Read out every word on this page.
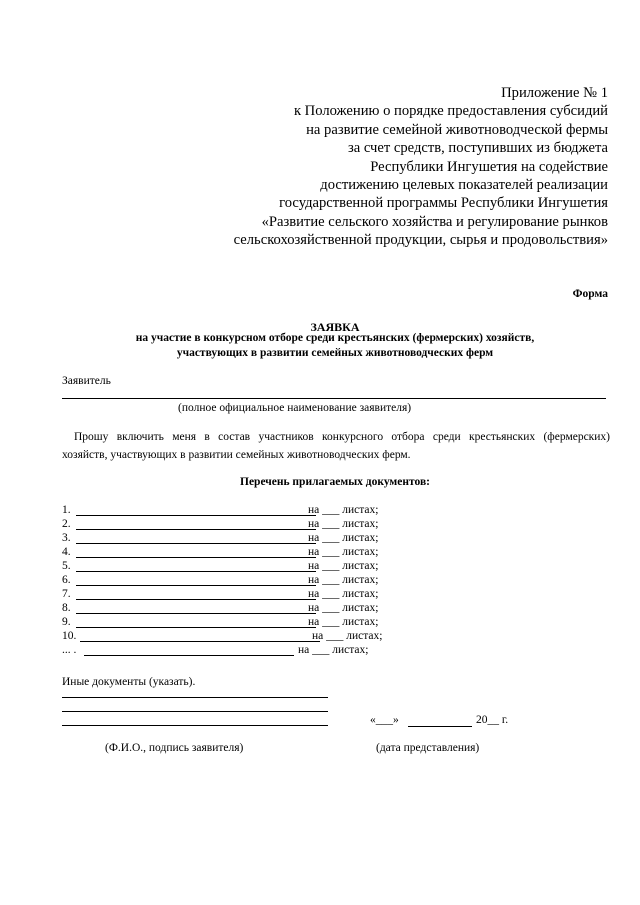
Приложение № 1
к Положению о порядке предоставления субсидий
на развитие семейной животноводческой фермы
за счет средств, поступивших из бюджета
Республики Ингушетия на содействие
достижению целевых показателей реализации
государственной программы Республики Ингушетия
«Развитие сельского хозяйства и регулирование рынков
сельскохозяйственной продукции, сырья и продовольствия»
Форма
ЗАЯВКА
на участие в конкурсном отборе среди крестьянских (фермерских) хозяйств,
участвующих в развитии семейных животноводческих ферм
Заявитель
(полное официальное наименование заявителя)
Прошу включить меня в состав участников конкурсного отбора среди крестьянских (фермерских)
хозяйств, участвующих в развитии семейных животноводческих ферм.
Перечень прилагаемых документов:
1.	на ___ листах;
2.	на ___ листах;
3.	на ___ листах;
4.	на ___ листах;
5.	на ___ листах;
6.	на ___ листах;
7.	на ___ листах;
8.	на ___ листах;
9.	на ___ листах;
10.	на ___ листах;
... .	на ___ листах;
Иные документы (указать).
«___»	20__ г.
(Ф.И.О., подпись заявителя)	(дата представления)
